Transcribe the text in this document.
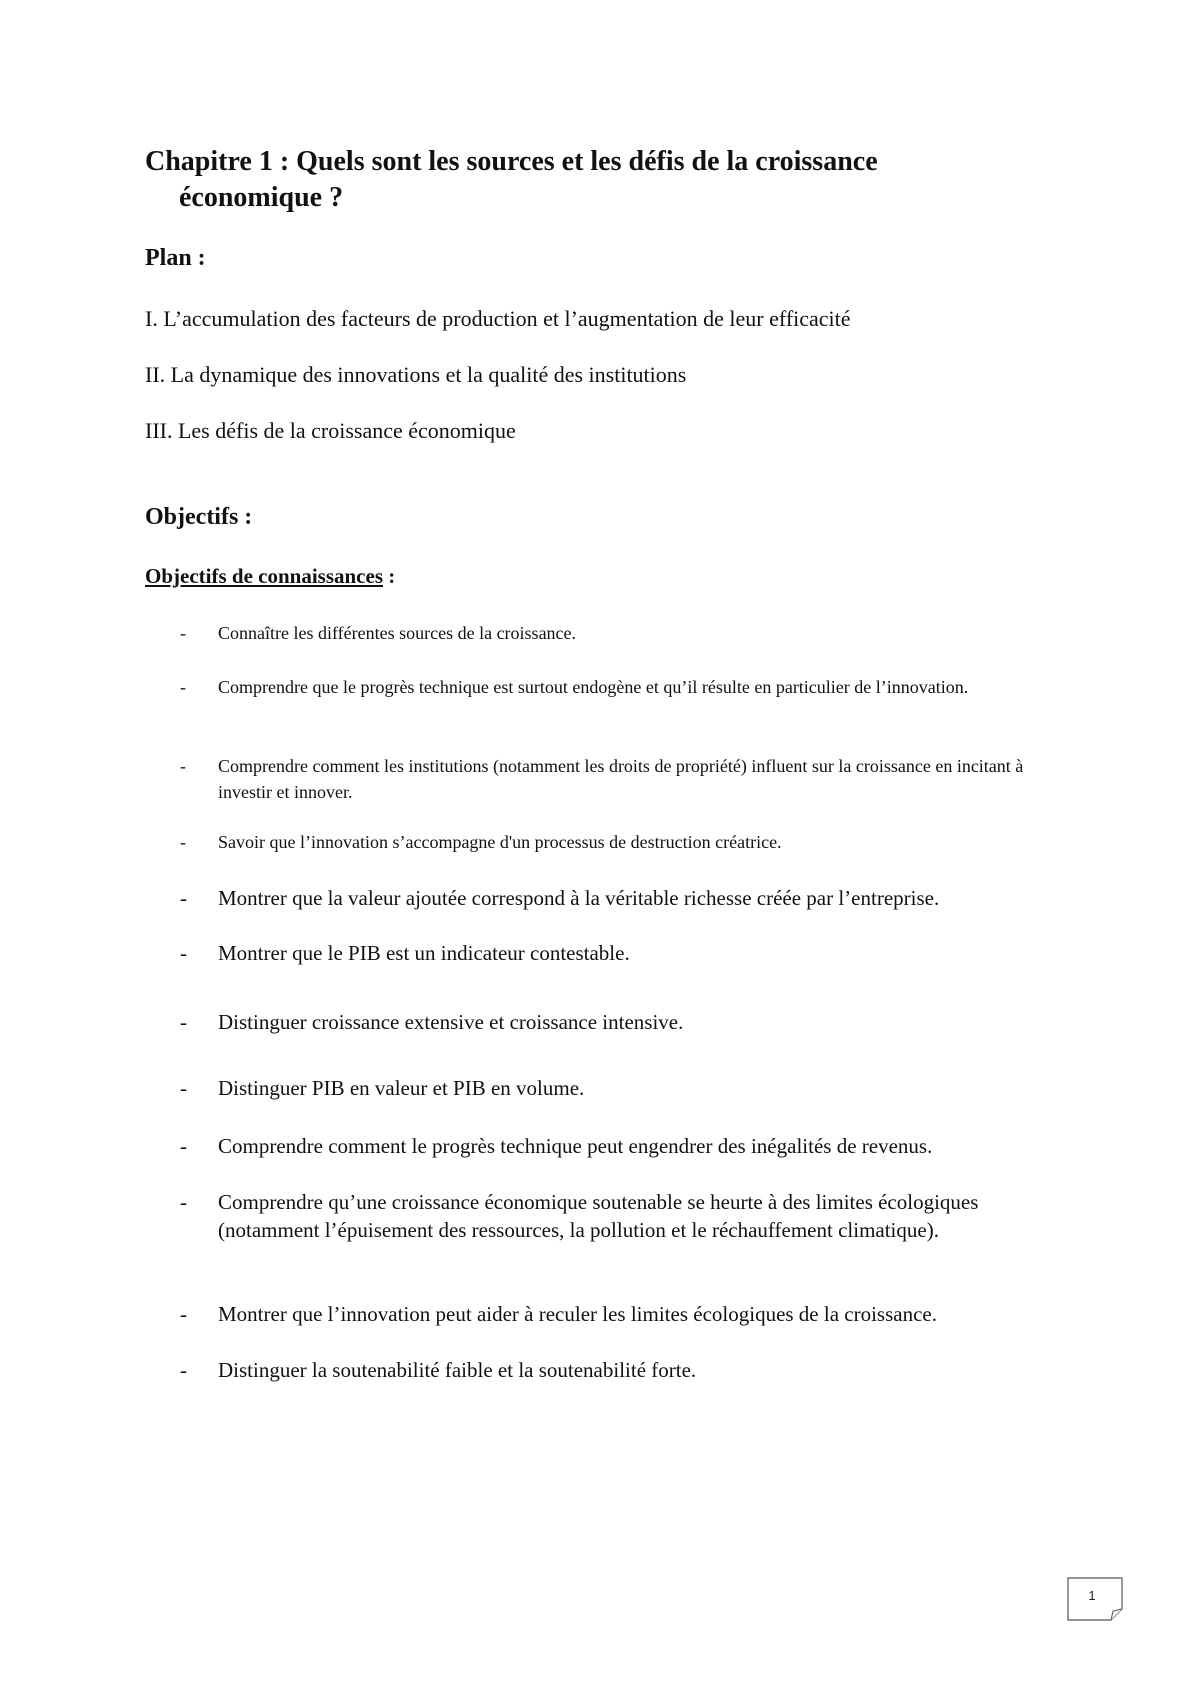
Chapitre 1 : Quels sont les sources et les défis de la croissance
économique ?
Plan :

I. L’accumulation des facteurs de production et l’augmentation de leur efficacité

II. La dynamique des innovations et la qualité des institutions

III. Les défis de la croissance économique

Objectifs :

Objectifs de connaissances :

- Connaître les différentes sources de la croissance.
- Comprendre que le progrès technique est surtout endogène et qu’il résulte en particulier de l’innovation.
- Comprendre comment les institutions (notamment les droits de propriété) influent sur la croissance en incitant à investir et innover.
- Savoir que l’innovation s’accompagne d'un processus de destruction créatrice.
- Montrer que la valeur ajoutée correspond à la véritable richesse créée par l’entreprise.
- Montrer que le PIB est un indicateur contestable.
- Distinguer croissance extensive et croissance intensive.
- Distinguer PIB en valeur et PIB en volume.
- Comprendre comment le progrès technique peut engendrer des inégalités de revenus.
- Comprendre qu’une croissance économique soutenable se heurte à des limites écologiques (notamment l’épuisement des ressources, la pollution et le réchauffement climatique).
- Montrer que l’innovation peut aider à reculer les limites écologiques de la croissance.
- Distinguer la soutenabilité faible et la soutenabilité forte.
1
